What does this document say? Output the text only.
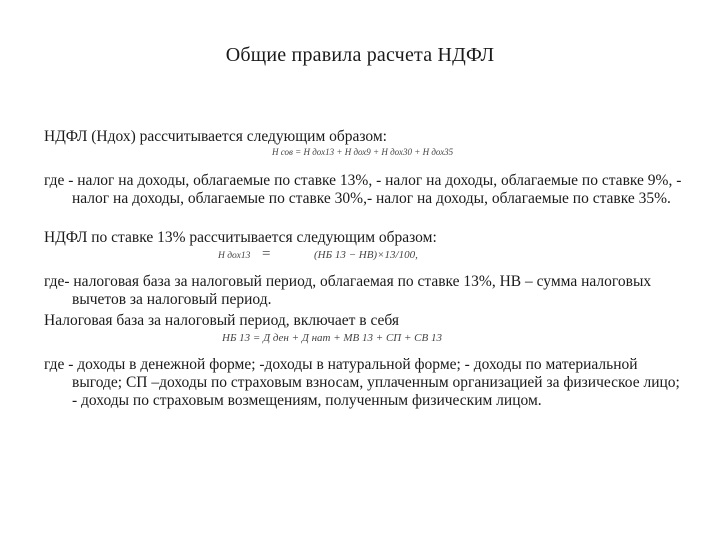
Общие правила расчета НДФЛ

НДФЛ (Ндох) рассчитывается следующим образом:

Н сов = Н дох13 + Н дох9 + Н дох30 + Н дох35

где - налог на доходы, облагаемые по ставке 13%, - налог на доходы, облагаемые по ставке 9%, - налог на доходы, облагаемые по ставке 30%,- налог на доходы, облагаемые по ставке 35%.

НДФЛ по ставке 13% рассчитывается следующим образом:

Н дох13 =	(НБ 13 − НВ)×13/100,

где- налоговая база за налоговый период, облагаемая по ставке 13%, НВ – сумма налоговых вычетов за налоговый период.

Налоговая база за налоговый период, включает в себя

НБ 13 = Д ден + Д нат + МВ 13 + СП + СВ 13

где - доходы в денежной форме; -доходы в натуральной форме; - доходы по материальной выгоде; СП –доходы по страховым взносам, уплаченным организацией за физическое лицо; - доходы по страховым возмещениям, полученным физическим лицом.
